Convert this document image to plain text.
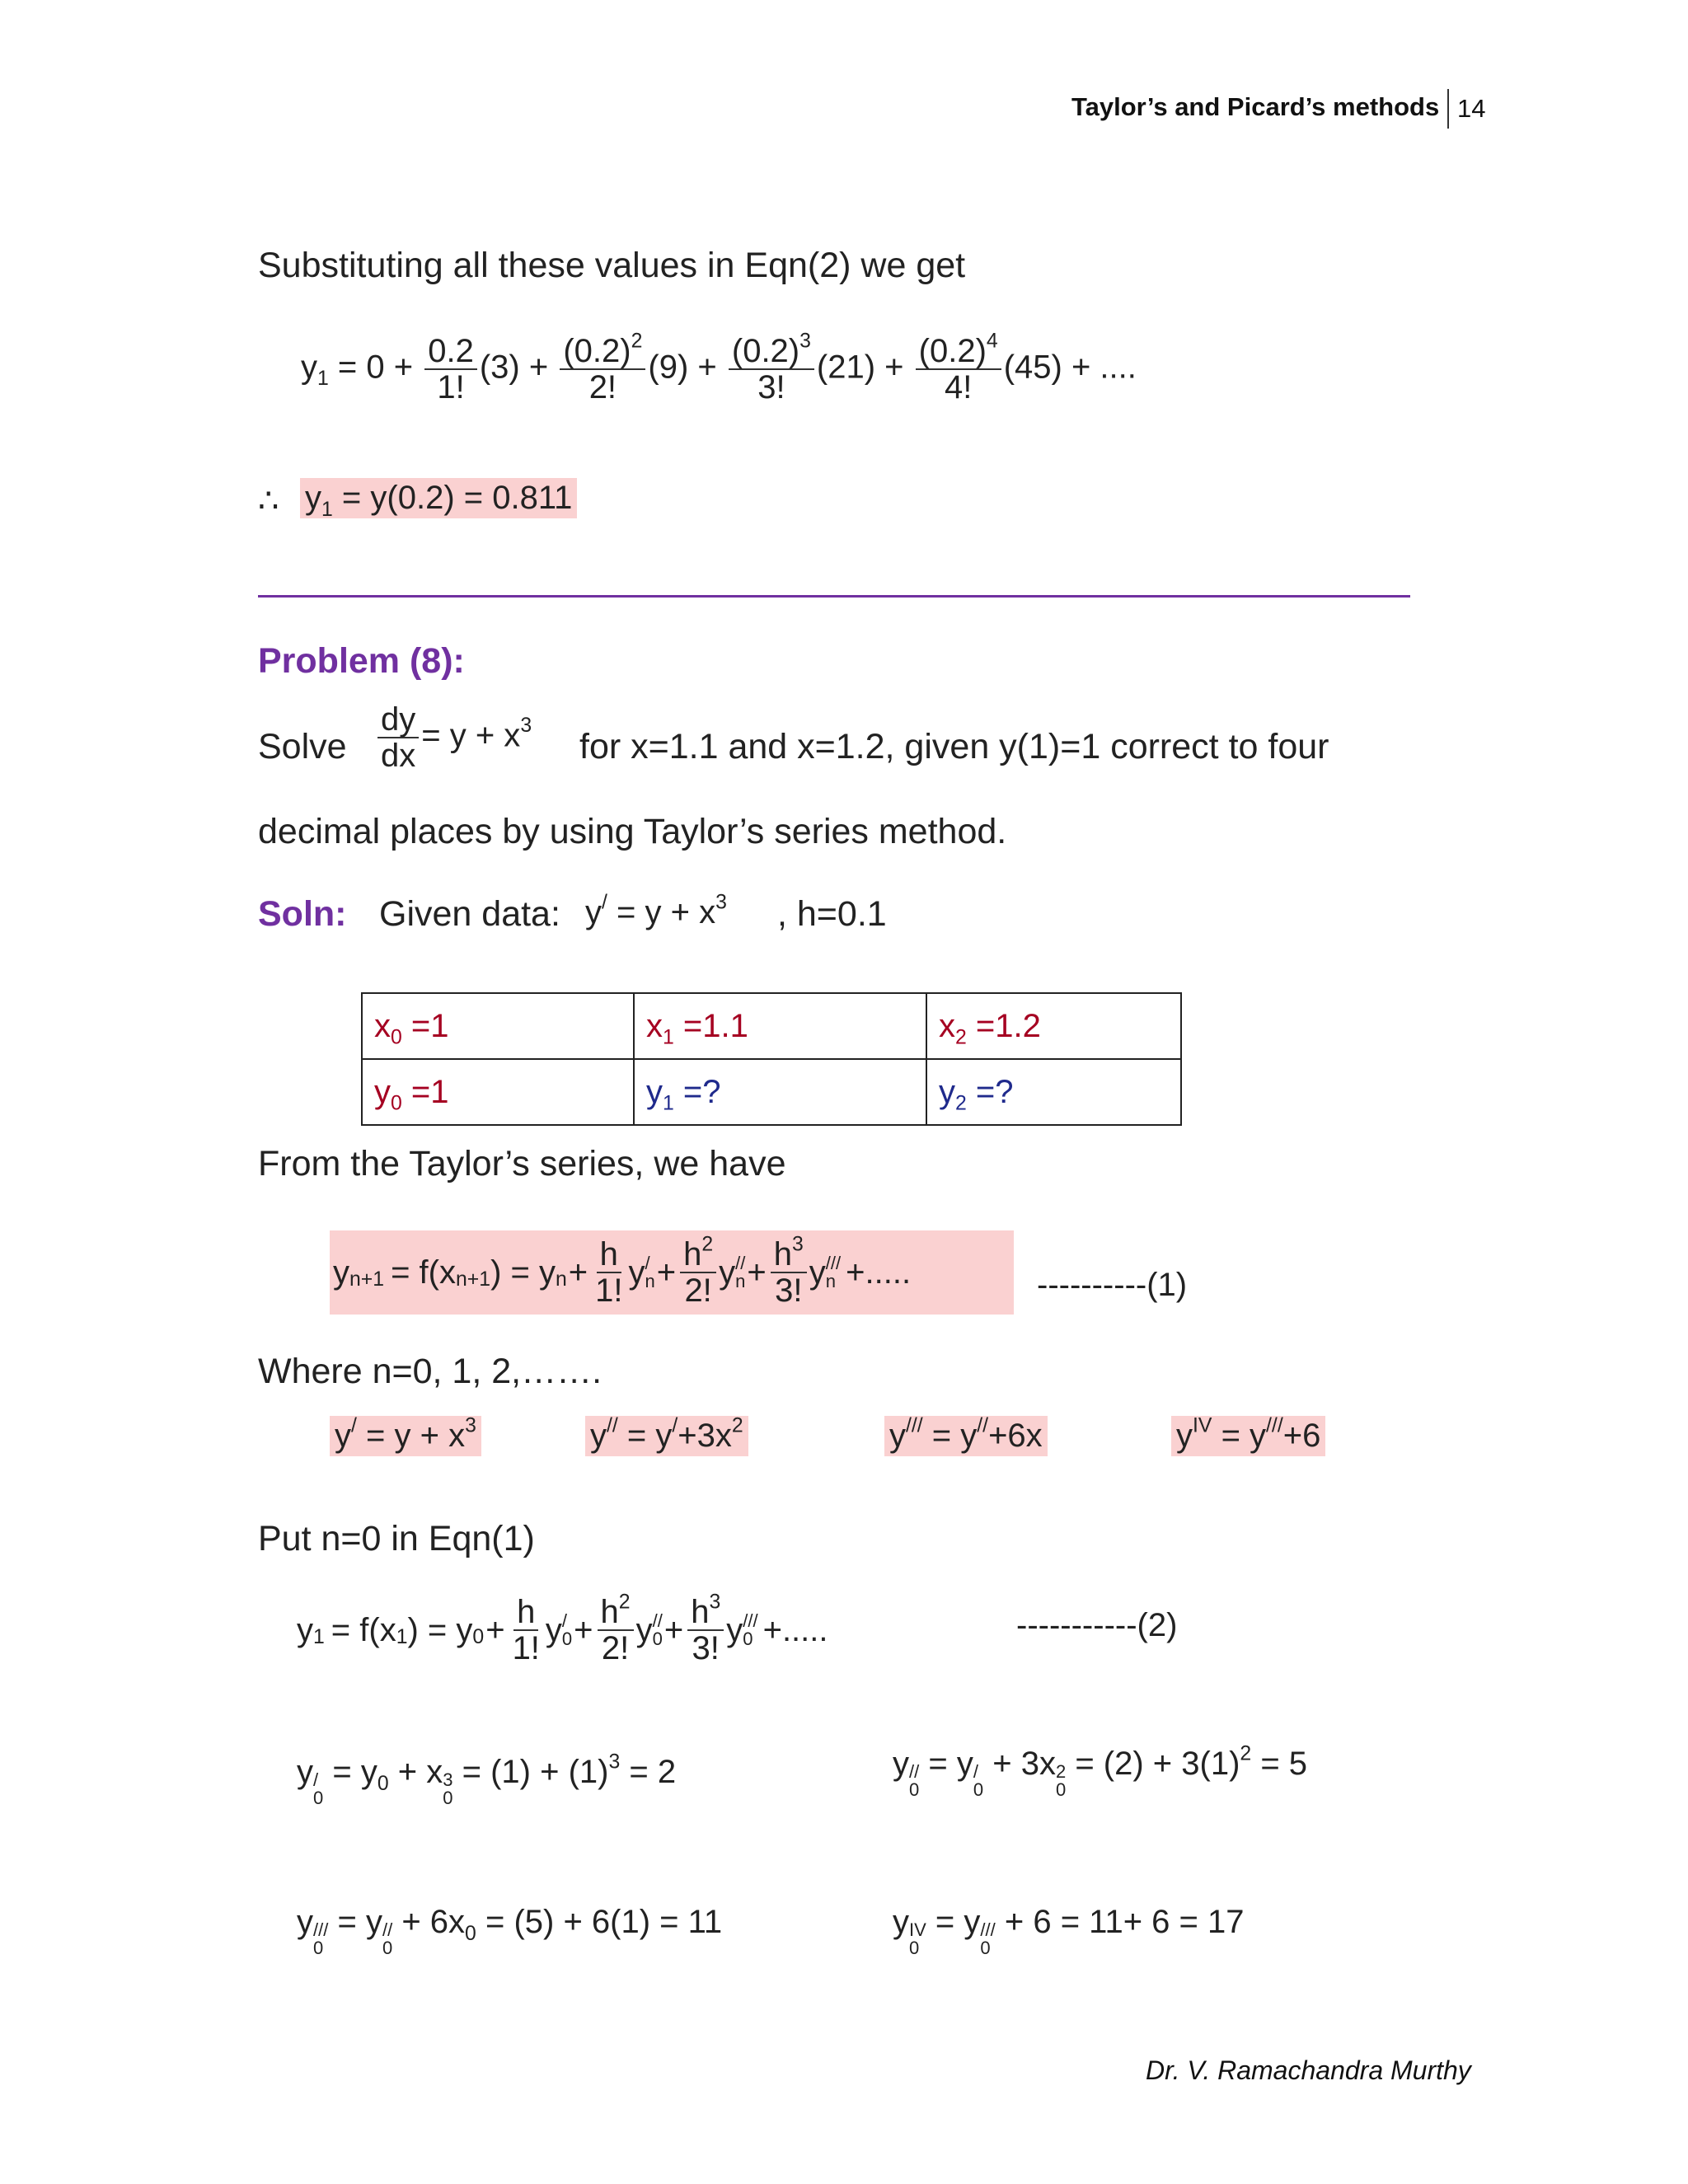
Taylor’s and Picard’s methods 14
Substituting all these values in Eqn(2) we get
$y_1 = 0 + \frac{0.2}{1!} (3) + \frac{(0.2)^2}{2!} (9) + \frac{(0.2)^3}{3!} (21) + \frac{(0.2)^4}{4!} (45)$ + ....
∴ $y_1 = y(0.2) = 0.811$
Problem (8):
Solve $\frac{dy}{dx} = y + x^3$
for x=1.1 and x=1.2, given y(1)=1 correct to four
decimal places by using Taylor’s series method.
Soln: Given data: $y^/ = y + x^3$ , h=0.1
$x_0 =1$	$x_1 =1.1$	$x_2 =1.2$
$y_0 =1$	$y_1$ =?	$y_2$ =?
From the Taylor’s series, we have
y n+1 = f(x n+1 ) = y $n + \frac{h}{1!}$ y /
$n + \frac{h^2}{2!}$ y //
$n + \frac{h^3}{3!}$ y ///
n +.....	----------(1)
Where n=0, 1, 2,…….
$y^/ = y + x^3$	$y^{//} = y^/+3x^2$	y/// = y//+6x	$y^{IV} = y^{///}+6$
Put n=0 in Eqn(1)
y 1 = f(x 1 ) = y $0 + \frac{h}{1!}$ y /
$0 + \frac{h^2}{2!}$ y //
$0 + \frac{h^3}{3!}$ y ///
0 +.....	-----------(2)
y /
0
= $y_0 + x$ 3
0
= $(1) + (1)^3 = 2$	y //
0
= y /
0
+ 3x 2
0
= $(2) + 3(1)^2 = 5$
y ///
0
= y //
0
+ $6x_0 = (5) + 6(1) = 11$	y IV
0
= y ///
0
+ 6 = 11+ 6 = 17
Dr. V. Ramachandra Murthy
